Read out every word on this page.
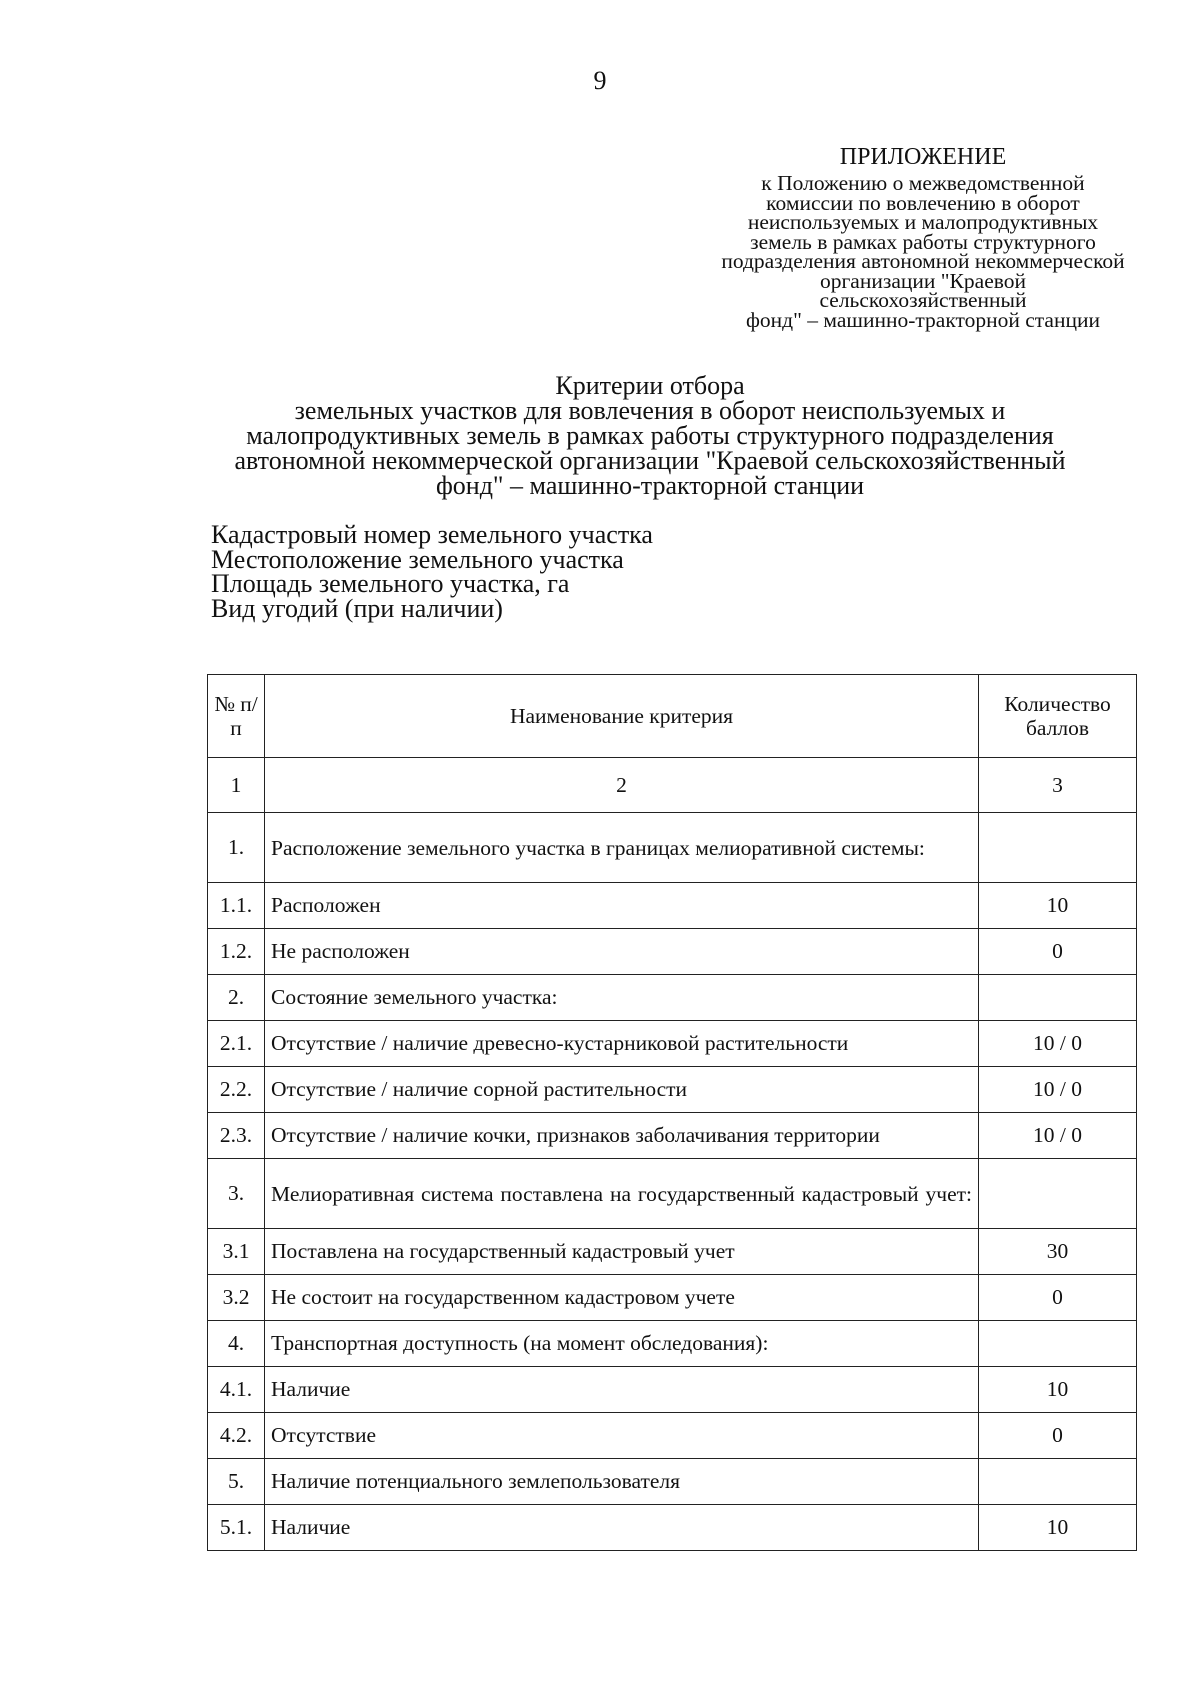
9
ПРИЛОЖЕНИЕ
к Положению о межведомственной
комиссии по вовлечению в оборот
неиспользуемых и малопродуктивных
земель в рамках работы структурного
подразделения автономной некоммерческой
организации "Краевой
сельскохозяйственный
фонд" – машинно-тракторной станции
Критерии отбора
земельных участков для вовлечения в оборот неиспользуемых и
малопродуктивных земель в рамках работы структурного подразделения
автономной некоммерческой организации "Краевой сельскохозяйственный
фонд" – машинно-тракторной станции
Кадастровый номер земельного участка
Местоположение земельного участка
Площадь земельного участка, га
Вид угодий (при наличии)
№ п/п	Наименование критерия	Количество баллов
1	2	3
1.	Расположение земельного участка в границах мелиоративной системы:	
1.1.	Расположен	10
1.2.	Не расположен	0
2.	Состояние земельного участка:	
2.1.	Отсутствие / наличие древесно-кустарниковой растительности	10 / 0
2.2.	Отсутствие / наличие сорной растительности	10 / 0
2.3.	Отсутствие / наличие кочки, признаков заболачивания территории	10 / 0
3.	Мелиоративная система поставлена на государственный кадастровый учет:	

3.1	Поставлена на государственный кадастровый учет	30
3.2	Не состоит на государственном кадастровом учете	0
4.	Транспортная доступность (на момент обследования):	
4.1.	Наличие	10
4.2.	Отсутствие	0
5.	Наличие потенциального землепользователя	
5.1.	Наличие	10
